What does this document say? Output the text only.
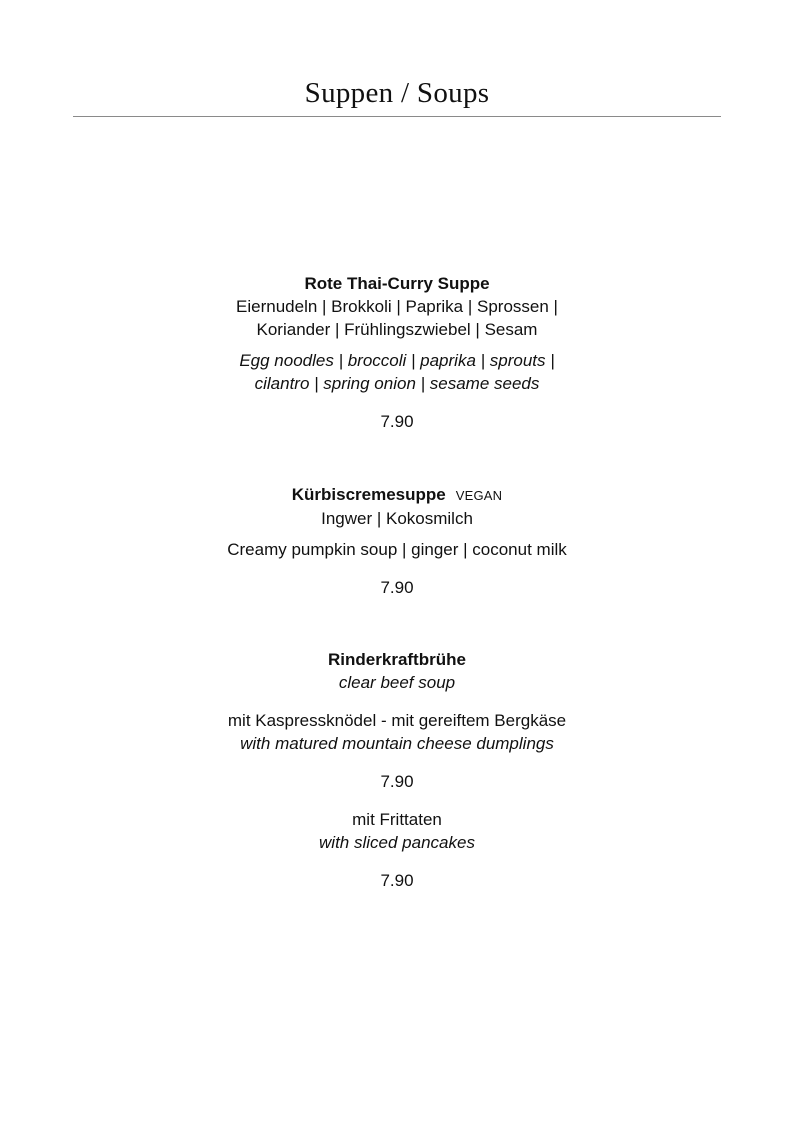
Suppen / Soups
Rote Thai-Curry Suppe
Eiernudeln | Brokkoli | Paprika | Sprossen |
Koriander | Frühlingszwiebel | Sesam
Egg noodles | broccoli | paprika | sprouts |
cilantro | spring onion | sesame seeds
7.90
Kürbiscremesuppe VEGAN
Ingwer | Kokosmilch
Creamy pumpkin soup | ginger | coconut milk
7.90
Rinderkraftbrühe
clear beef soup
mit Kaspressknödel - mit gereiftem Bergkäse
with matured mountain cheese dumplings
7.90
mit Frittaten
with sliced pancakes
7.90
